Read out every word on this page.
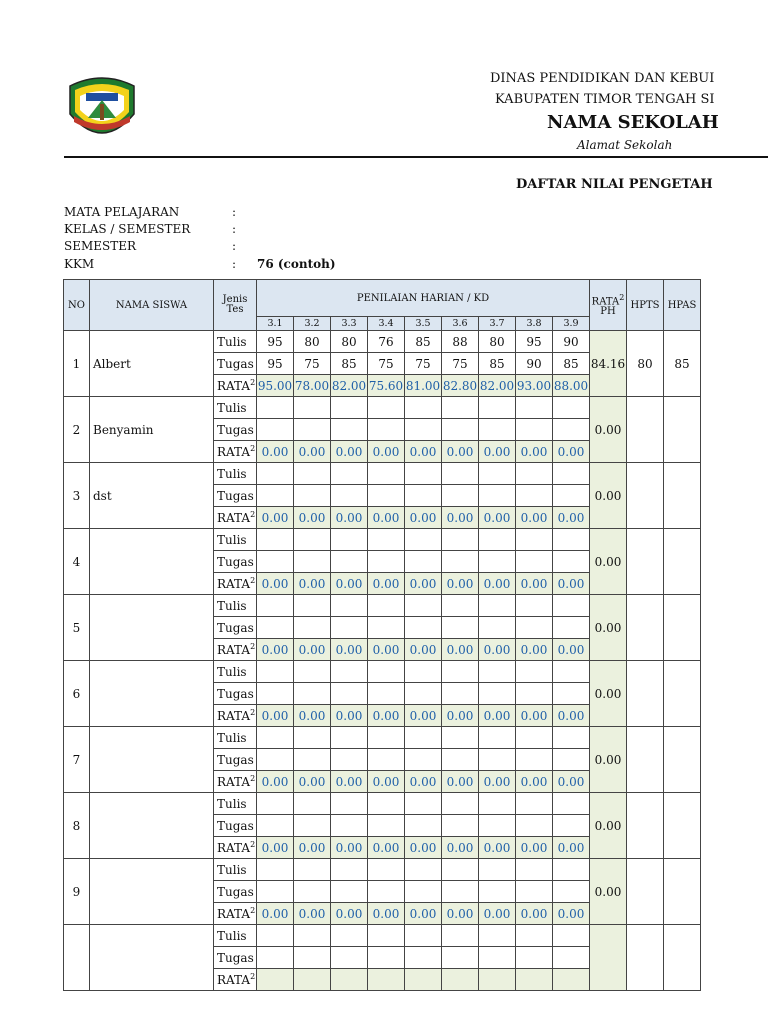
DINAS PENDIDIKAN DAN KEBUI
KABUPATEN TIMOR TENGAH SI
NAMA SEKOLAH
Alamat Sekolah
DAFTAR NILAI PENGETAH
MATA PELAJARAN	:
KELAS / SEMESTER	:
SEMESTER	:
KKM	: 76 (contoh)
NO	NAMA SISWA	Jenis Tes	PENILAIAN HARIAN / KD									RATA$^2$ PH	HPTS	HPAS
			3.1	3.2	3.3	3.4	3.5	3.6	3.7	3.8	3.9			
1	Albert	Tulis	95	80	80	76	85	88	80	95	90	84.16	80	85
		Tugas	95	75	85	75	75	75	85	90	85			
		RATA$^2$	95.00	78.00	82.00	75.60	81.00	82.80	82.00	93.00	88.00			
2	Benyamin	Tulis										0.00		
		Tugas												
		RATA$^2$	0.00	0.00	0.00	0.00	0.00	0.00	0.00	0.00	0.00			
3	dst	Tulis										0.00		
		Tugas												
		RATA$^2$	0.00	0.00	0.00	0.00	0.00	0.00	0.00	0.00	0.00			
4		Tulis										0.00		
		Tugas												
		RATA$^2$	0.00	0.00	0.00	0.00	0.00	0.00	0.00	0.00	0.00			
5		Tulis										0.00		
		Tugas												
		RATA$^2$	0.00	0.00	0.00	0.00	0.00	0.00	0.00	0.00	0.00			
6		Tulis										0.00		
		Tugas												
		RATA$^2$	0.00	0.00	0.00	0.00	0.00	0.00	0.00	0.00	0.00			
7		Tulis										0.00		
		Tugas												
		RATA$^2$	0.00	0.00	0.00	0.00	0.00	0.00	0.00	0.00	0.00			
8		Tulis										0.00		
		Tugas												
		RATA$^2$	0.00	0.00	0.00	0.00	0.00	0.00	0.00	0.00	0.00			
9		Tulis										0.00		
		Tugas												
		RATA$^2$	0.00	0.00	0.00	0.00	0.00	0.00	0.00	0.00	0.00			
		Tulis												
		Tugas												
		RATA$^2$									
